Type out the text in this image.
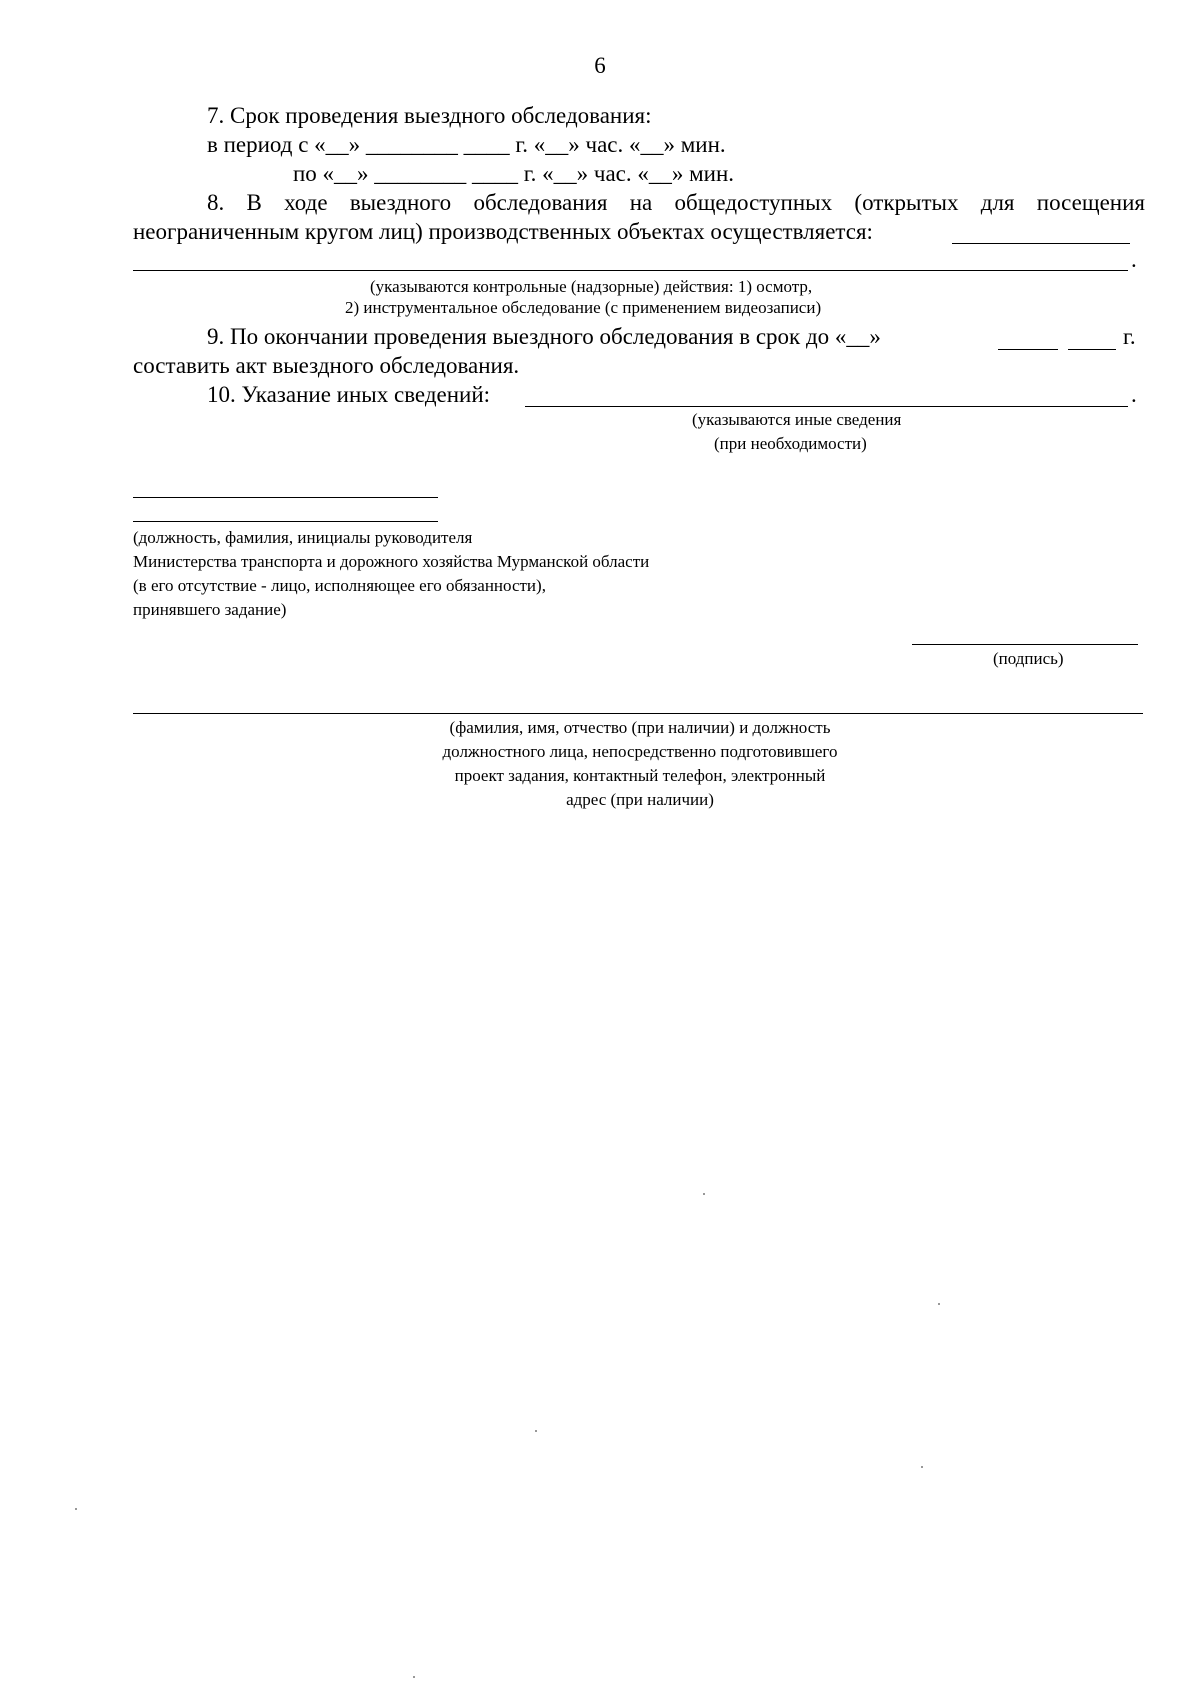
6
7. Срок проведения выездного обследования:
в период с «__» ________ ____ г. «__» час. «__» мин.
по «__» ________ ____ г. «__» час. «__» мин.
8. В ходе выездного обследования на общедоступных (открытых для посещения
неограниченным кругом лиц) производственных объектах осуществляется:
.
(указываются контрольные (надзорные) действия: 1) осмотр,
2) инструментальное обследование (с применением видеозаписи)
9. По окончании проведения выездного обследования в срок до «__»	г.
составить акт выездного обследования.
10. Указание иных сведений:	.
(указываются иные сведения
(при необходимости)
(должность, фамилия, инициалы руководителя
Министерства транспорта и дорожного хозяйства Мурманской области
(в его отсутствие - лицо, исполняющее его обязанности),
принявшего задание)
(подпись)
(фамилия, имя, отчество (при наличии) и должность
должностного лица, непосредственно подготовившего
проект задания, контактный телефон, электронный
адрес (при наличии)
